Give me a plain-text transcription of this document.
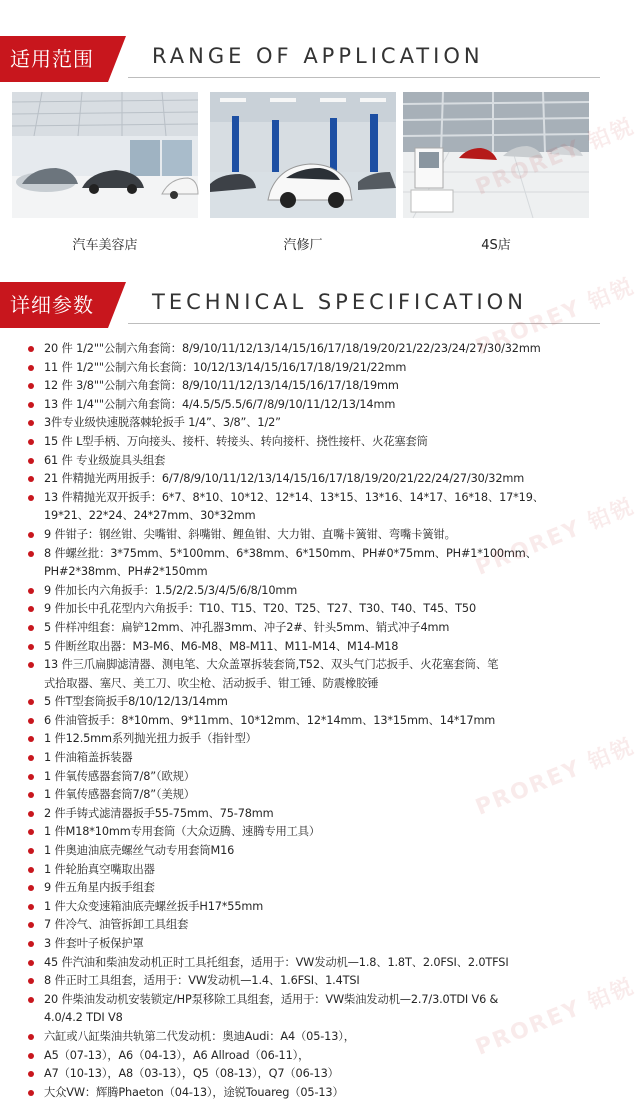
适用范围	RANGE OF APPLICATION
汽车美容店	汽修厂	4S店
详细参数	TECHNICAL SPECIFICATION
20 件 1/2""公制六角套筒：8/9/10/11/12/13/14/15/16/17/18/19/20/21/22/23/24/27/30/32mm
11 件 1/2""公制六角长套筒：10/12/13/14/15/16/17/18/19/21/22mm
12 件 3/8""公制六角套筒：8/9/10/11/12/13/14/15/16/17/18/19mm
13 件 1/4""公制六角套筒：4/4.5/5/5.5/6/7/8/9/10/11/12/13/14mm
3件专业级快速脱落棘轮扳手 1/4”、3/8”、1/2”
15 件 L型手柄、万向接头、接杆、转接头、转向接杆、挠性接杆、火花塞套筒
61 件 专业级旋具头组套
21 件精抛光两用扳手：6/7/8/9/10/11/12/13/14/15/16/17/18/19/20/21/22/24/27/30/32mm
13 件精抛光双开扳手：6*7、8*10、10*12、12*14、13*15、13*16、14*17、16*18、17*19、
19*21、22*24、24*27mm、30*32mm
9 件钳子：钢丝钳、尖嘴钳、斜嘴钳、鲤鱼钳、大力钳、直嘴卡簧钳、弯嘴卡簧钳。
8 件螺丝批：3*75mm、5*100mm、6*38mm、6*150mm、PH#0*75mm、PH#1*100mm、
PH#2*38mm、PH#2*150mm
9 件加长内六角扳手：1.5/2/2.5/3/4/5/6/8/10mm
9 件加长中孔花型内六角扳手：T10、T15、T20、T25、T27、T30、T40、T45、T50
5 件样冲组套：扁铲12mm、冲孔器3mm、冲子2#、针头5mm、销式冲子4mm
5 件断丝取出器：M3-M6、M6-M8、M8-M11、M11-M14、M14-M18
13 件三爪扁脚滤清器、测电笔、大众盖罩拆装套筒,T52、双头气门芯扳手、火花塞套筒、笔
式拾取器、塞尺、美工刀、吹尘枪、活动扳手、钳工锤、防震橡胶锤
5 件T型套筒扳手8/10/12/13/14mm
6 件油管扳手：8*10mm、9*11mm、10*12mm、12*14mm、13*15mm、14*17mm
1 件12.5mm系列抛光扭力扳手（指针型）
1 件油箱盖拆装器
1 件氧传感器套筒7/8”（欧规）
1 件氧传感器套筒7/8”（美规）
2 件手铸式滤清器扳手55-75mm、75-78mm
1 件M18*10mm专用套筒（大众迈腾、速腾专用工具）
1 件奥迪油底壳螺丝气动专用套筒M16
1 件轮胎真空嘴取出器
9 件五角星内扳手组套
1 件大众变速箱油底壳螺丝扳手H17*55mm
7 件冷气、油管拆卸工具组套
3 件套叶子板保护罩
45 件汽油和柴油发动机正时工具托组套，适用于：VW发动机—1.8、1.8T、2.0FSI、2.0TFSI
8 件正时工具组套，适用于：VW发动机—1.4、1.6FSI、1.4TSI
20 件柴油发动机安装锁定/HP泵移除工具组套，适用于：VW柴油发动机—2.7/3.0TDI V6 &
4.0/4.2 TDI V8
六缸或八缸柴油共轨第二代发动机：奥迪Audi：A4（05-13），
A5（07-13），A6（04-13），A6 Allroad（06-11），
A7（10-13），A8（03-13），Q5（08-13），Q7（06-13）
大众VW：辉腾Phaeton（04-13），途锐Touareg（05-13）
铂锐
PROREY 铂锐
PROREY 铂锐
PROREY 铂锐
PROREY 铂锐
